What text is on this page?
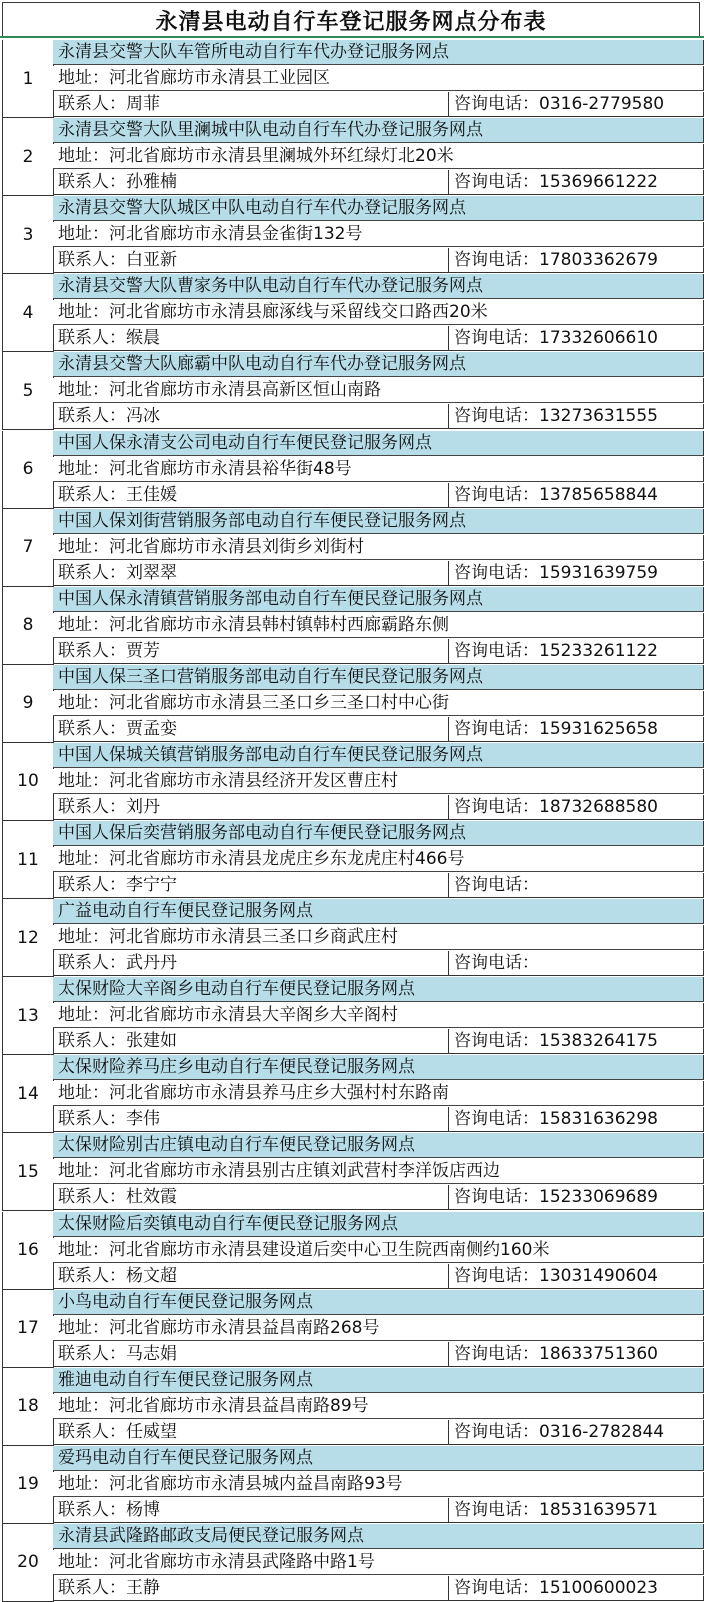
永清县电动自行车登记服务网点分布表
1
永清县交警大队车管所电动自行车代办登记服务网点
地址：河北省廊坊市永清县工业园区
联系人：周菲	咨询电话：0316-2779580
2
永清县交警大队里澜城中队电动自行车代办登记服务网点
地址：河北省廊坊市永清县里澜城外环红绿灯北20米
联系人：孙雅楠	咨询电话：15369661222
3
永清县交警大队城区中队电动自行车代办登记服务网点
地址：河北省廊坊市永清县金雀街132号
联系人：白亚新	咨询电话：17803362679
4
永清县交警大队曹家务中队电动自行车代办登记服务网点
地址：河北省廊坊市永清县廊涿线与采留线交口路西20米
联系人：缑晨	咨询电话：17332606610
5
永清县交警大队廊霸中队电动自行车代办登记服务网点
地址：河北省廊坊市永清县高新区恒山南路
联系人：冯冰	咨询电话：13273631555
6
中国人保永清支公司电动自行车便民登记服务网点
地址：河北省廊坊市永清县裕华街48号
联系人：王佳媛	咨询电话：13785658844
7
中国人保刘街营销服务部电动自行车便民登记服务网点
地址：河北省廊坊市永清县刘街乡刘街村
联系人：刘翠翠	咨询电话：15931639759
8
中国人保永清镇营销服务部电动自行车便民登记服务网点
地址：河北省廊坊市永清县韩村镇韩村西廊霸路东侧
联系人：贾芳	咨询电话：15233261122
9
中国人保三圣口营销服务部电动自行车便民登记服务网点
地址：河北省廊坊市永清县三圣口乡三圣口村中心街
联系人：贾孟娈	咨询电话：15931625658
10
中国人保城关镇营销服务部电动自行车便民登记服务网点
地址：河北省廊坊市永清县经济开发区曹庄村
联系人：刘丹	咨询电话：18732688580
11
中国人保后奕营销服务部电动自行车便民登记服务网点
地址：河北省廊坊市永清县龙虎庄乡东龙虎庄村466号
联系人：李宁宁	咨询电话：
12
广益电动自行车便民登记服务网点
地址：河北省廊坊市永清县三圣口乡商武庄村
联系人：武丹丹	咨询电话：
13
太保财险大辛阁乡电动自行车便民登记服务网点
地址：河北省廊坊市永清县大辛阁乡大辛阁村
联系人：张建如	咨询电话：15383264175
14
太保财险养马庄乡电动自行车便民登记服务网点
地址：河北省廊坊市永清县养马庄乡大强村村东路南
联系人：李伟	咨询电话：15831636298
15
太保财险别古庄镇电动自行车便民登记服务网点
地址：河北省廊坊市永清县别古庄镇刘武营村李洋饭店西边
联系人：杜效霞	咨询电话：15233069689
16
太保财险后奕镇电动自行车便民登记服务网点
地址：河北省廊坊市永清县建设道后奕中心卫生院西南侧约160米
联系人：杨文超	咨询电话：13031490604
17
小鸟电动自行车便民登记服务网点
地址：河北省廊坊市永清县益昌南路268号
联系人：马志娟	咨询电话：18633751360
18
雅迪电动自行车便民登记服务网点
地址：河北省廊坊市永清县益昌南路89号
联系人：任威望	咨询电话：0316-2782844
19
爱玛电动自行车便民登记服务网点
地址：河北省廊坊市永清县城内益昌南路93号
联系人：杨博	咨询电话：18531639571
20
永清县武隆路邮政支局便民登记服务网点
地址：河北省廊坊市永清县武隆路中路1号
联系人：王静	咨询电话：15100600023
